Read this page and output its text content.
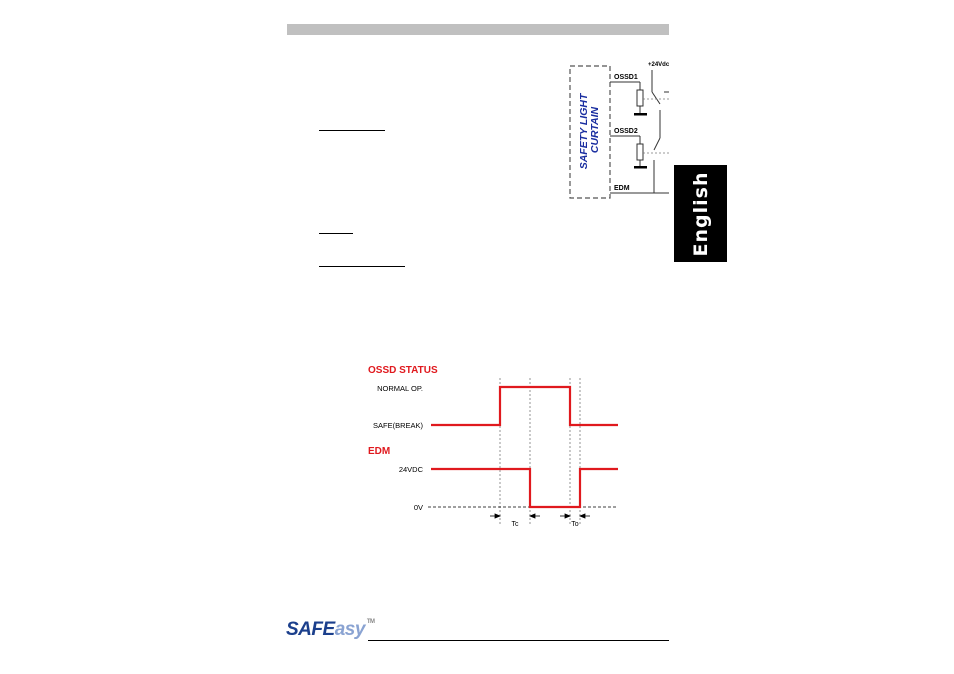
English
SAFETY LIGHT CURTAIN
+24Vdc
OSSD1
OSSD2
EDM
OSSD STATUS
NORMAL OP.
SAFE(BREAK)
EDM
24VDC
0V
Tc	To
SAFEasy ™
